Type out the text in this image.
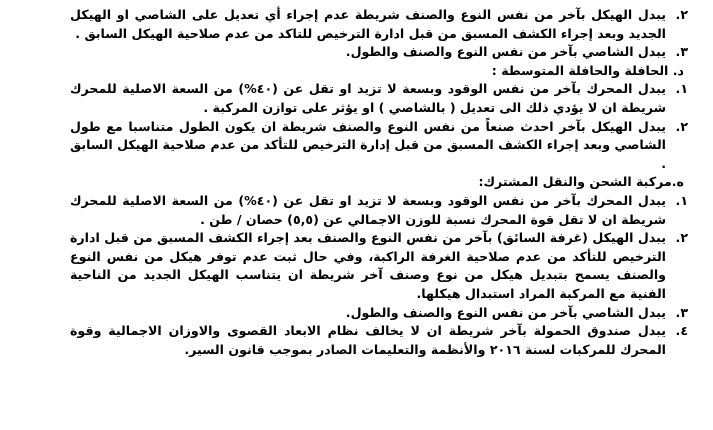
٢.
يبدل الهيكل بآخر من نفس النوع والصنف شريطة عدم إجراء أي تعديل على الشاصي او الهيكل الجديد وبعد إجراء الكشف المسبق من قبل ادارة الترخيص للتاكد من عدم صلاحية الهيكل السابق .
٣.
يبدل الشاصي بآخر من نفس النوع والصنف والطول.
د. الحافلة والحافلة المتوسطة :
١.
يبدل المحرك بآخر من نفس الوقود وبسعة لا تزيد او تقل عن (٤٠%) من السعة الاصلية للمحرك شريطة ان لا يؤدي ذلك الى تعديل ( بالشاصي ) او يؤثر على توازن المركبة .
٢.
يبدل الهيكل بآخر احدث صنعاً من نفس النوع والصنف شريطة ان يكون الطول متناسبا مع طول الشاصي وبعد إجراء الكشف المسبق من قبل إدارة الترخيص للتأكد من عدم صلاحية الهيكل السابق .
ه.مركبة الشحن والنقل المشترك:
١.
يبدل المحرك بآخر من نفس الوقود وبسعة لا تزيد او تقل عن (٤٠%) من السعة الاصلية للمحرك شريطة ان لا تقل قوة المحرك نسبة للوزن الاجمالي عن (٥,٥) حصان / طن .
٢.
يبدل الهيكل (غرفة السائق) بآخر من نفس النوع والصنف بعد إجراء الكشف المسبق من قبل ادارة الترخيص للتأكد من عدم صلاحية الغرفة الراكبة، وفي حال ثبت عدم توفر هيكل من نفس النوع والصنف يسمح بتبديل هيكل من نوع وصنف آخر شريطة ان يتناسب الهيكل الجديد من الناحية الفنية مع المركبة المراد استبدال هيكلها.
٣.
يبدل الشاصي بآخر من نفس النوع والصنف والطول.
٤.
يبدل صندوق الحمولة بآخر شريطة ان لا يخالف نظام الابعاد القصوى والاوزان الاجمالية وقوة المحرك للمركبات لسنة ٢٠١٦ والأنظمة والتعليمات الصادر بموجب قانون السير.
